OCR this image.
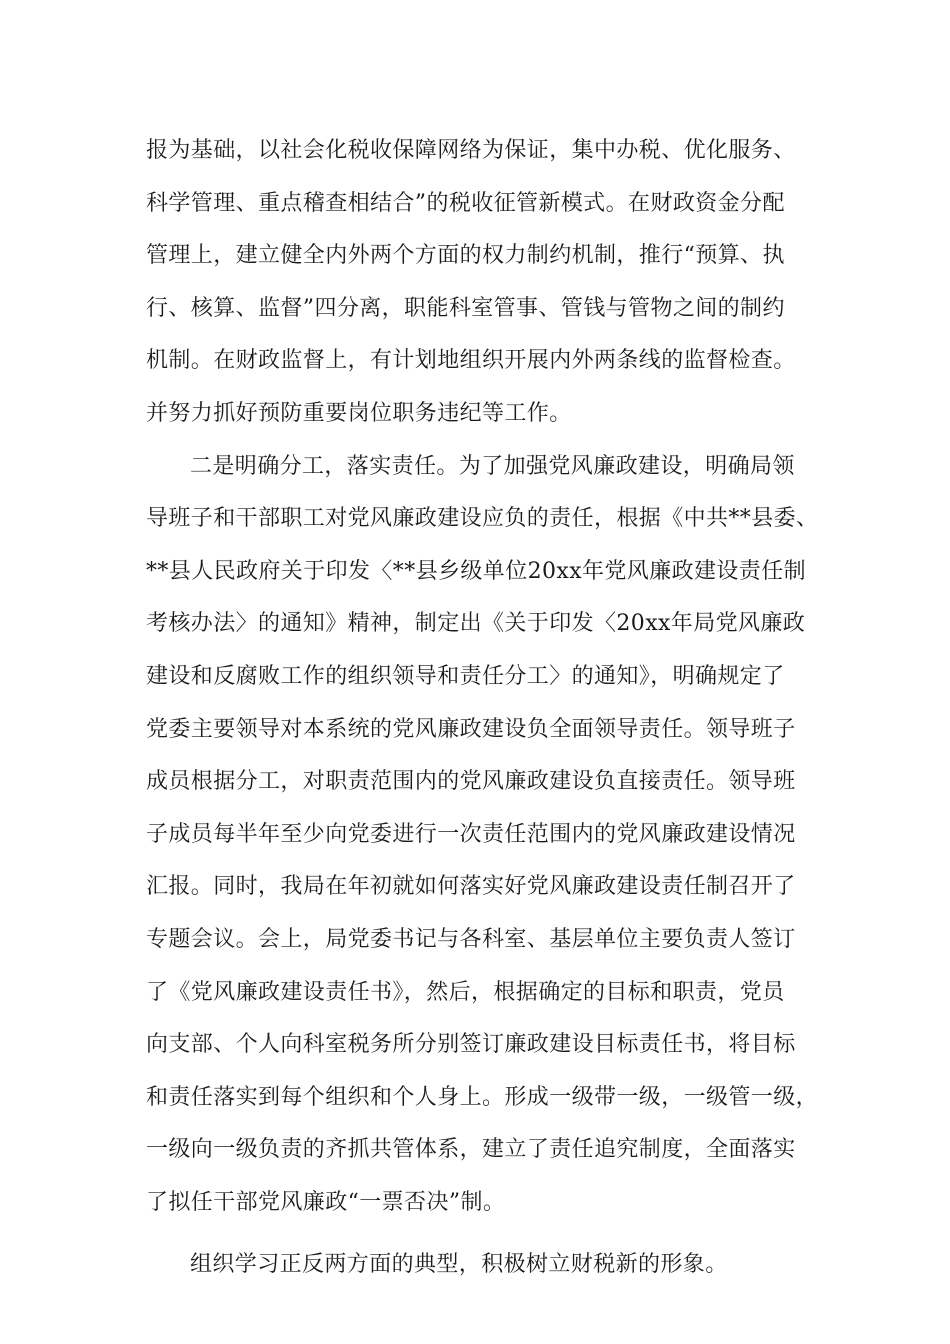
报为基础，以社会化税收保障网络为保证，集中办税、优化服务、
科学管理、重点稽查相结合”的税收征管新模式。在财政资金分配
管理上，建立健全内外两个方面的权力制约机制，推行“预算、执
行、核算、监督”四分离，职能科室管事、管钱与管物之间的制约
机制。在财政监督上，有计划地组织开展内外两条线的监督检查。
并努力抓好预防重要岗位职务违纪等工作。
二是明确分工，落实责任。为了加强党风廉政建设，明确局领
导班子和干部职工对党风廉政建设应负的责任，根据《中共**县委、
**县人民政府关于印发〈**县乡级单位20xx年党风廉政建设责任制
考核办法〉的通知》精神，制定出《关于印发〈20xx年局党风廉政
建设和反腐败工作的组织领导和责任分工〉的通知》，明确规定了
党委主要领导对本系统的党风廉政建设负全面领导责任。领导班子
成员根据分工，对职责范围内的党风廉政建设负直接责任。领导班
子成员每半年至少向党委进行一次责任范围内的党风廉政建设情况
汇报。同时，我局在年初就如何落实好党风廉政建设责任制召开了
专题会议。会上，局党委书记与各科室、基层单位主要负责人签订
了《党风廉政建设责任书》，然后，根据确定的目标和职责，党员
向支部、个人向科室税务所分别签订廉政建设目标责任书，将目标
和责任落实到每个组织和个人身上。形成一级带一级，一级管一级，
一级向一级负责的齐抓共管体系，建立了责任追究制度，全面落实
了拟任干部党风廉政“一票否决”制。
组织学习正反两方面的典型，积极树立财税新的形象。
